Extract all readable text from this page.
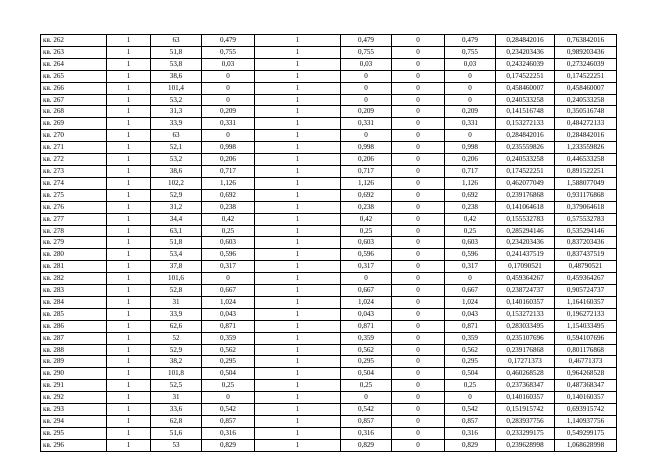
кв. 262	1	63	0,479	1	0,479	0	0,479	0,284842016	0,763842016
кв. 263	1	51,8	0,755	1	0,755	0	0,755	0,234203436	0,989203436
кв. 264	1	53,8	0,03	1	0,03	0	0,03	0,243246039	0,273246039
кв. 265	1	38,6	0	1	0	0	0	0,174522251	0,174522251
кв. 266	1	101,4	0	1	0	0	0	0,458460007	0,458460007
кв. 267	1	53,2	0	1	0	0	0	0,240533258	0,240533258
кв. 268	1	31,3	0,209	1	0,209	0	0,209	0,141516748	0,350516748
кв. 269	1	33,9	0,331	1	0,331	0	0,331	0,153272133	0,484272133
кв. 270	1	63	0	1	0	0	0	0,284842016	0,284842016
кв. 271	1	52,1	0,998	1	0,998	0	0,998	0,235559826	1,233559826
кв. 272	1	53,2	0,206	1	0,206	0	0,206	0,240533258	0,446533258
кв. 273	1	38,6	0,717	1	0,717	0	0,717	0,174522251	0,891522251
кв. 274	1	102,2	1,126	1	1,126	0	1,126	0,462077049	1,588077049
кв. 275	1	52,9	0,692	1	0,692	0	0,692	0,239176868	0,931176868
кв. 276	1	31,2	0,238	1	0,238	0	0,238	0,141064618	0,379064618
кв. 277	1	34,4	0,42	1	0,42	0	0,42	0,155532783	0,575532783
кв. 278	1	63,1	0,25	1	0,25	0	0,25	0,285294146	0,535294146
кв. 279	1	51,8	0,603	1	0,603	0	0,603	0,234203436	0,837203436
кв. 280	1	53,4	0,596	1	0,596	0	0,596	0,241437519	0,837437519
кв. 281	1	37,8	0,317	1	0,317	0	0,317	0,17090521	0,48790521
кв. 282	1	101,6	0	1	0	0	0	0,459364267	0,459364267
кв. 283	1	52,8	0,667	1	0,667	0	0,667	0,238724737	0,905724737
кв. 284	1	31	1,024	1	1,024	0	1,024	0,140160357	1,164160357
кв. 285	1	33,9	0,043	1	0,043	0	0,043	0,153272133	0,196272133
кв. 286	1	62,6	0,871	1	0,871	0	0,871	0,283033495	1,154033495
кв. 287	1	52	0,359	1	0,359	0	0,359	0,235107696	0,594107696
кв. 288	1	52,9	0,562	1	0,562	0	0,562	0,239176868	0,801176868
кв. 289	1	38,2	0,295	1	0,295	0	0,295	0,17271373	0,46771373
кв. 290	1	101,8	0,504	1	0,504	0	0,504	0,460268528	0,964268528
кв. 291	1	52,5	0,25	1	0,25	0	0,25	0,237368347	0,487368347
кв. 292	1	31	0	1	0	0	0	0,140160357	0,140160357
кв. 293	1	33,6	0,542	1	0,542	0	0,542	0,151915742	0,693915742
кв. 294	1	62,8	0,857	1	0,857	0	0,857	0,283937756	1,140937756
кв. 295	1	51,6	0,316	1	0,316	0	0,316	0,233299175	0,549299175
кв. 296	1	53	0,829	1	0,829	0	0,829	0,239628998	1,068628998
